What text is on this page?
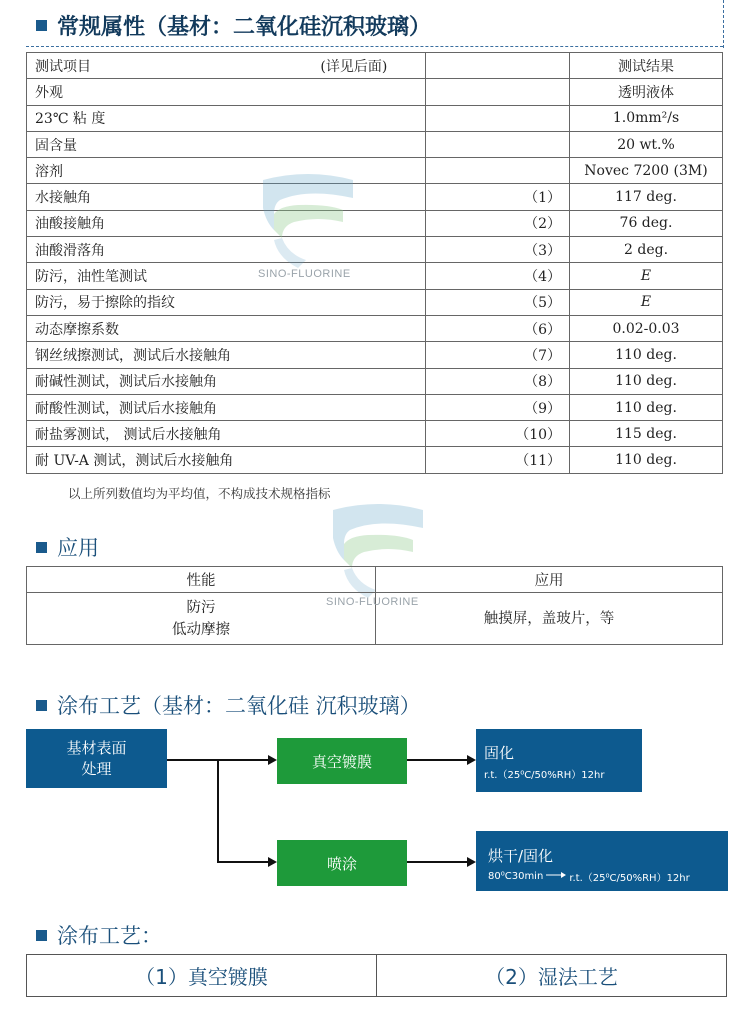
常规属性（基材：二氧化硅沉积玻璃）
测试项目 (详见后面)		测试结果
外观		透明液体
23℃ 粘 度		1.0mm²/s
固含量		20 wt.%
溶剂		Novec 7200 (3M)
水接触角	（1）	117 deg.
油酸接触角	（2）	76 deg.
油酸滑落角	（3）	2 deg.
防污，油性笔测试	（4）	E
防污，易于擦除的指纹	（5）	E
动态摩擦系数	（6）	0.02-0.03
钢丝绒擦测试，测试后水接触角	（7）	110 deg.
耐碱性测试，测试后水接触角	（8）	110 deg.
耐酸性测试，测试后水接触角	（9）	110 deg.
耐盐雾测试， 测试后水接触角	（10）	115 deg.
耐 UV-A 测试，测试后水接触角	（11）	110 deg.
以上所列数值均为平均值，不构成技术规格指标
SINO-FLUORINE
SINO-FLUORINE
应用
性能	应用

防污
低动摩擦	触摸屏，盖玻片，等
涂布工艺（基材：二氧化硅 沉积玻璃）
基材表面
处理	真空镀膜
喷涂
固化
r.t.（25⁰C/50%RH）12hr
烘干/固化
80⁰C30min	r.t.（25⁰C/50%RH）12hr
涂布工艺：
（1）真空镀膜	（2）湿法工艺
